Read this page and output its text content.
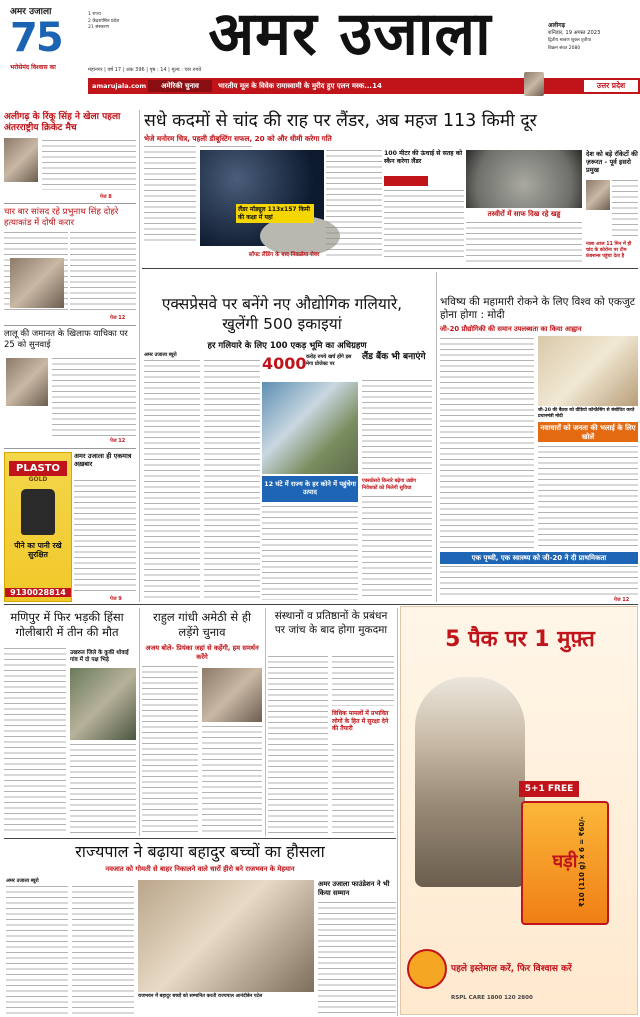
अमर उजाला
75
भरोसेमंद विश्वास का
1 राज्य
2 केंद्रशासित प्रदेश
21 संस्करण	अमर उजाला	अलीगढ़
शनिवार, 19 अगस्त 2023
द्वितीय श्रावण शुक्ल तृतीया
विक्रम संवत 2080
महानगर | वर्ष 17 | अंक 396 | पृष्ठ : 14 | मूल्य : चार रुपये
amarujala.com	अमेरिकी चुनाव	भारतीय मूल के विवेक रामास्वामी के मुरीद हुए एलन मस्क...14	उत्तर प्रदेश
अलीगढ़ के रिंकू सिंह ने खेला पहला अंतरराष्ट्रीय क्रिकेट मैच
पेज 8
चार बार सांसद रहे प्रभुनाथ सिंह दोहरे हत्याकांड में दोषी करार
पेज 12
लालू की जमानत के खिलाफ याचिका पर 25 को सुनवाई
पेज 12
PLASTO
GOLD
पीने का पानी रखे सुरक्षित
9130028814
अमर उजाला ही एकमात्र अख़बार
पेज 9
सधे कदमों से चांद की राह पर लैंडर, अब महज 113 किमी दूर
भेजे मनोरम चित्र, पहली डीबूस्टिंग सफल, 20 को और धीमी करेगा गति
लैंडर मॉड्यूल 113x157 किमी की कक्षा में यहां
सॉफ्ट लैंडिंग के बाद निकलेगा रोवर
100 मीटर की ऊंचाई से सतह को स्कैन करेगा लैंडर
तस्वीरों में साफ दिख रहे खड्ड
देश को बड़े रॉकेटों की ज़रूरत - पूर्व इसरो प्रमुख
नासा आज 11 मिन में ही चांद के कोरोना पर टीम फ़ंक्‍शन्स पहुंचा देता है
एक्सप्रेसवे पर बनेंगे नए औद्योगिक गलियारे, खुलेंगी 500 इकाइयां
हर गलियारे के लिए 100 एकड़ भूमि का अधिग्रहण
अमर उजाला ब्यूरो	4000 करोड़ रुपये खर्च होंगे इस मेगा प्रोजेक्ट पर
12 घंटे में राज्य के हर कोने में पहुंचेगा उत्पाद
लैंड बैंक भी बनाएंगे
एक्सप्रेसवे किनारे बढ़ेगा उद्योग
निवेशकों को मिलेगी सुविधा
भविष्य की महामारी रोकने के लिए विश्व को एकजुट होना होगा : मोदी
जी-20 प्रौद्योगिकी की समान उपलब्धता का किया आह्वान
जी-20 की बैठक को वीडियो कॉन्फ्रेंसिंग से संबोधित करते प्रधानमंत्री मोदी
नवाचारों को जनता की भलाई के लिए खोलें
एक पृथ्वी, एक स्वास्थ्य को जी-20 ने दी प्राथमिकता
पेज 12
मणिपुर में फिर भड़की हिंसा गोलीबारी में तीन की मौत
उखरुल जिले के कुकी थोवाई गांव में दो पक्ष भिड़े
राहुल गांधी अमेठी से ही लड़ेंगे चुनाव
अजय बोले- प्रियंका जहां से कहेंगी, हम समर्थन करेंगे
संस्थानों व प्रतिष्ठानों के प्रबंधन पर जांच के बाद होगा मुकदमा
विधिक मामलों में प्रभावित लोगों के हित में सुरक्षा देने की तैयारी
राज्यपाल ने बढ़ाया बहादुर बच्चों का हौसला
नवजात को गोमती से बाहर निकालने वाले चारों हीरो बने राजभवन के मेहमान
अमर उजाला ब्यूरो
राजभवन में बहादुर बच्चों को सम्मानित करती राज्यपाल आनंदीबेन पटेल
अमर उजाला फाउंडेशन ने भी किया सम्मान
5 पैक पर 1 मुफ़्त
5+1 FREE
घड़ी ₹10 (110 g) x 6 = ₹60/-
पहले इस्तेमाल करें, फिर विश्वास करें
RSPL CARE 1800 120 2800
